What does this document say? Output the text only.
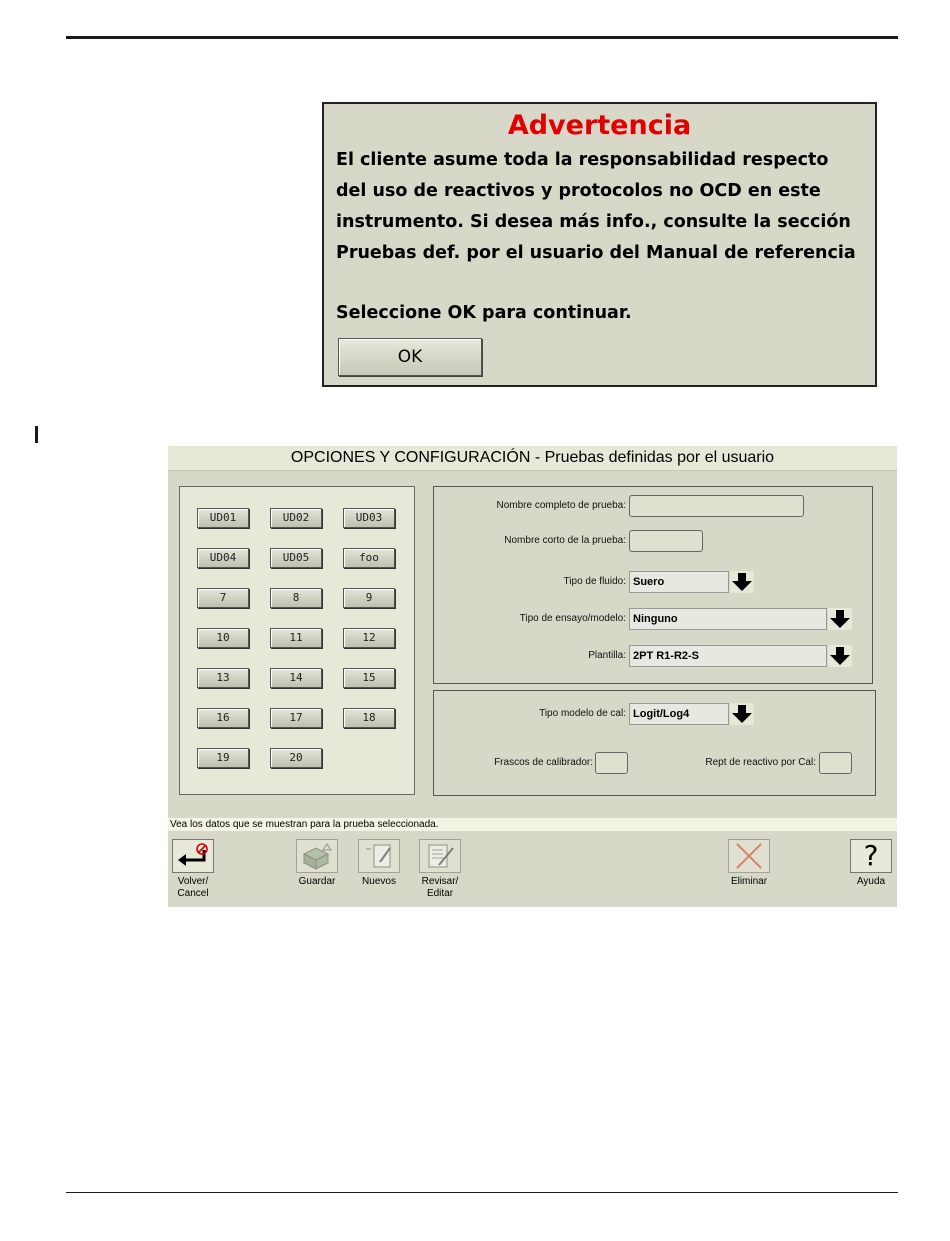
Advertencia
El cliente asume toda la responsabilidad respecto
del uso de reactivos y protocolos no OCD en este
instrumento. Si desea más info., consulte la sección
Pruebas def. por el usuario del Manual de referencia
Seleccione OK para continuar.
OK
OPCIONES Y CONFIGURACIÓN - Pruebas definidas por el usuario
UD01	UD02	UD03
UD04	UD05	foo
7	8	9
10	11	12
13	14	15
16	17	18
19	20
Nombre completo de prueba:
Nombre corto de la prueba:
Tipo de fluido: Suero
Tipo de ensayo/modelo: Ninguno
Plantilla: 2PT R1-R2-S
Tipo modelo de cal: Logit/Log4
Frascos de calibrador:	Rept de reactivo por Cal:
Vea los datos que se muestran para la prueba seleccionada.
Volver/
Cancel
Guardar	Nuevos	Revisar/
Editar
Eliminar
?
Ayuda
